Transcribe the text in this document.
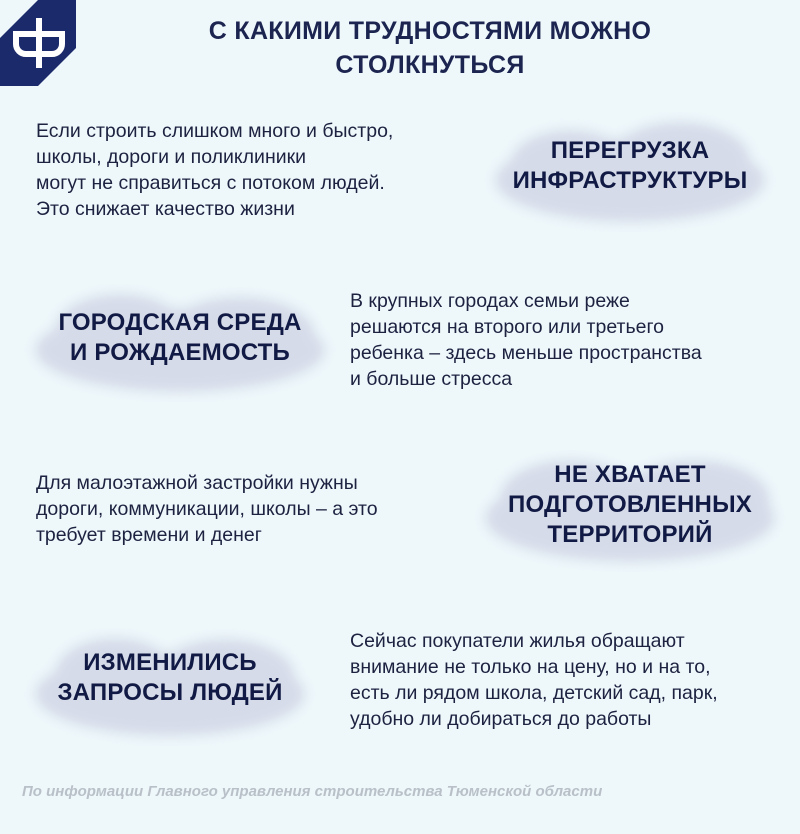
С КАКИМИ ТРУДНОСТЯМИ МОЖНО
СТОЛКНУТЬСЯ
Если строить слишком много и быстро,
школы, дороги и поликлиники
могут не справиться с потоком людей.
Это снижает качество жизни
ПЕРЕГРУЗКА
ИНФРАСТРУКТУРЫ
ГОРОДСКАЯ СРЕДА
И РОЖДАЕМОСТЬ
В крупных городах семьи реже
решаются на второго или третьего
ребенка – здесь меньше пространства
и больше стресса
Для малоэтажной застройки нужны
дороги, коммуникации, школы – а это
требует времени и денег
НЕ ХВАТАЕТ
ПОДГОТОВЛЕННЫХ
ТЕРРИТОРИЙ
ИЗМЕНИЛИСЬ
ЗАПРОСЫ ЛЮДЕЙ
Сейчас покупатели жилья обращают
внимание не только на цену, но и на то,
есть ли рядом школа, детский сад, парк,
удобно ли добираться до работы
По информации Главного управления строительства Тюменской области
